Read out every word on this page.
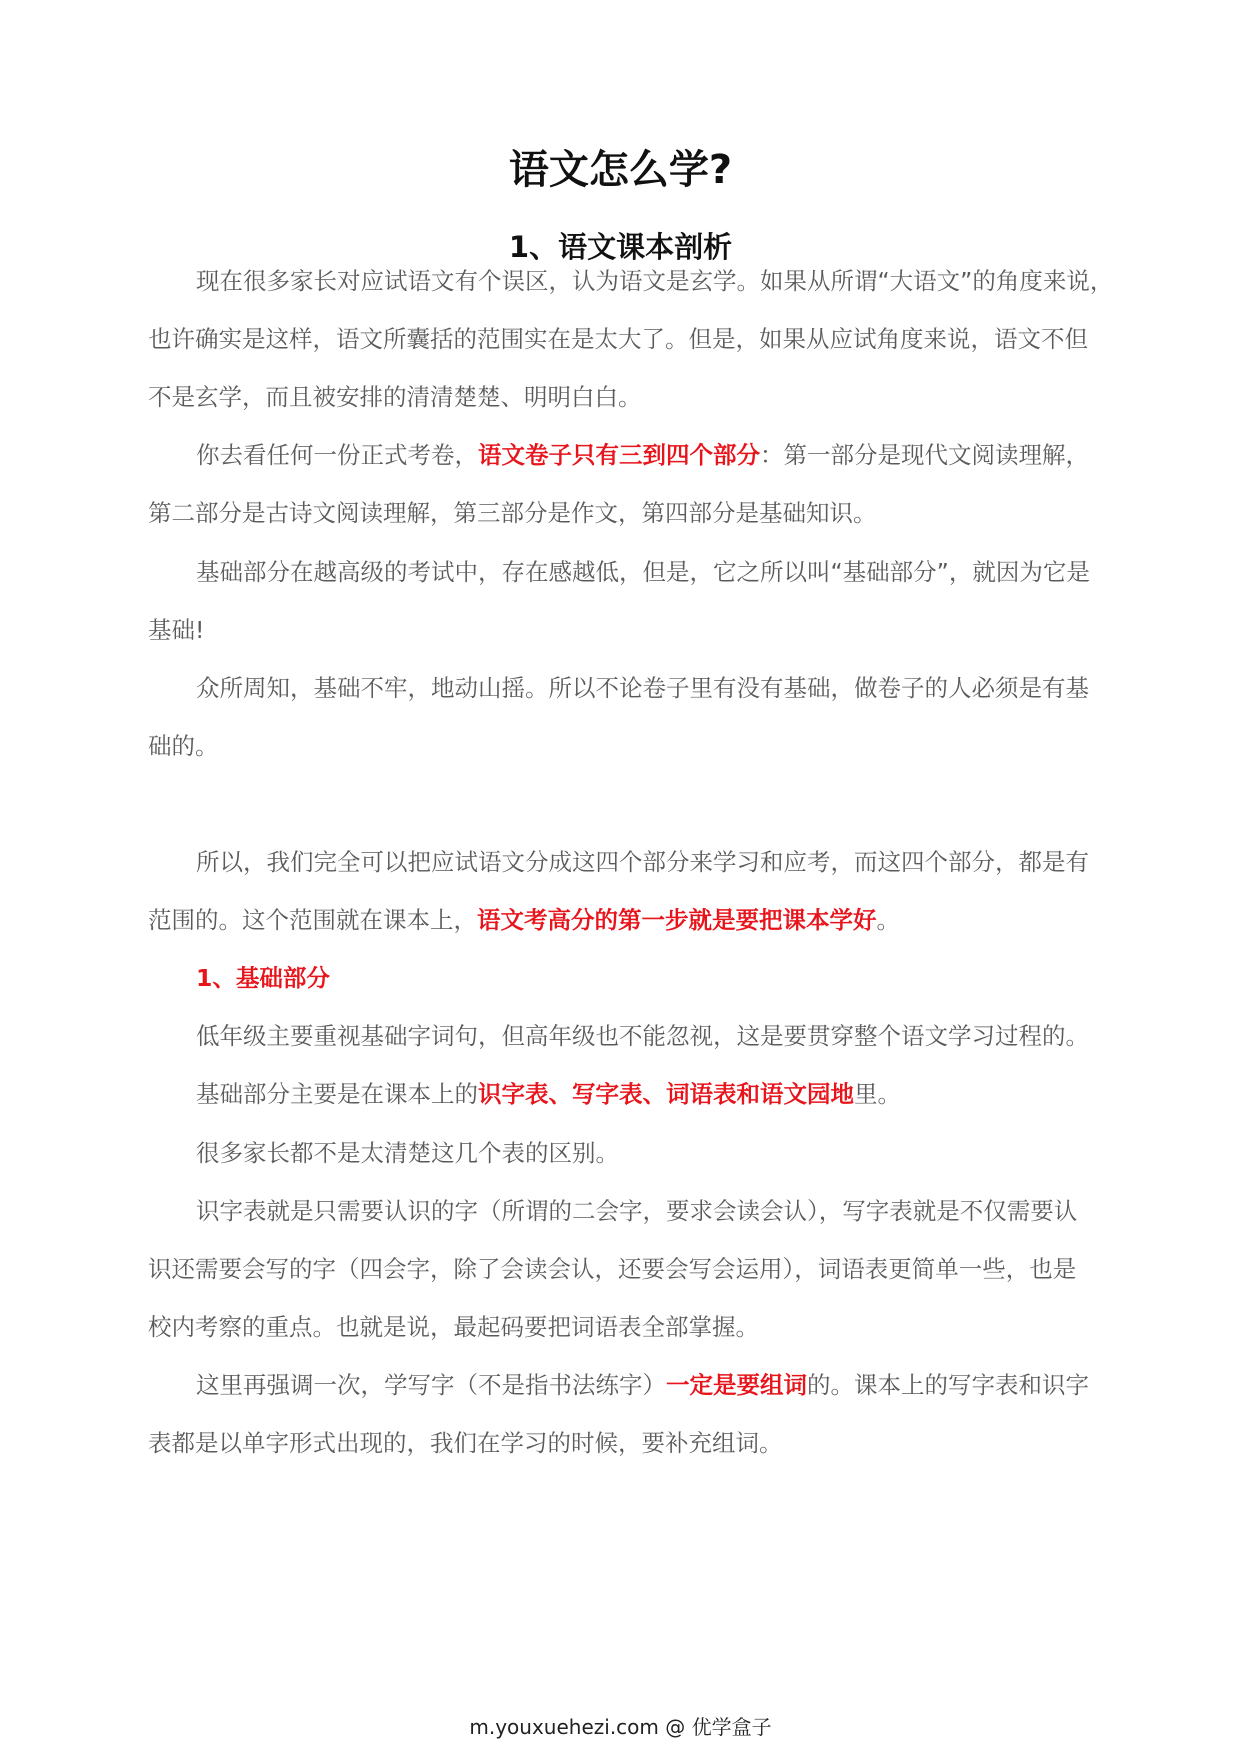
语文怎么学?
1、语文课本剖析

现在很多家长对应试语文有个误区，认为语文是玄学。如果从所谓“大语文”的角度来说，

也许确实是这样，语文所囊括的范围实在是太大了。但是，如果从应试角度来说，语文不但

不是玄学，而且被安排的清清楚楚、明明白白。

你去看任何一份正式考卷，语文卷子只有三到四个部分：第一部分是现代文阅读理解，

第二部分是古诗文阅读理解，第三部分是作文，第四部分是基础知识。

基础部分在越高级的考试中，存在感越低，但是，它之所以叫“基础部分”，就因为它是

基础!

众所周知，基础不牢，地动山摇。所以不论卷子里有没有基础，做卷子的人必须是有基

础的。

所以，我们完全可以把应试语文分成这四个部分来学习和应考，而这四个部分，都是有

范围的。这个范围就在课本上，语文考高分的第一步就是要把课本学好。

1、基础部分

低年级主要重视基础字词句，但高年级也不能忽视，这是要贯穿整个语文学习过程的。

基础部分主要是在课本上的识字表、写字表、词语表和语文园地里。

很多家长都不是太清楚这几个表的区别。

识字表就是只需要认识的字（所谓的二会字，要求会读会认），写字表就是不仅需要认

识还需要会写的字（四会字，除了会读会认，还要会写会运用），词语表更简单一些，也是

校内考察的重点。也就是说，最起码要把词语表全部掌握。

这里再强调一次，学写字（不是指书法练字）一定是要组词的。课本上的写字表和识字

表都是以单字形式出现的，我们在学习的时候，要补充组词。

m.youxuehezi.com @ 优学盒子
